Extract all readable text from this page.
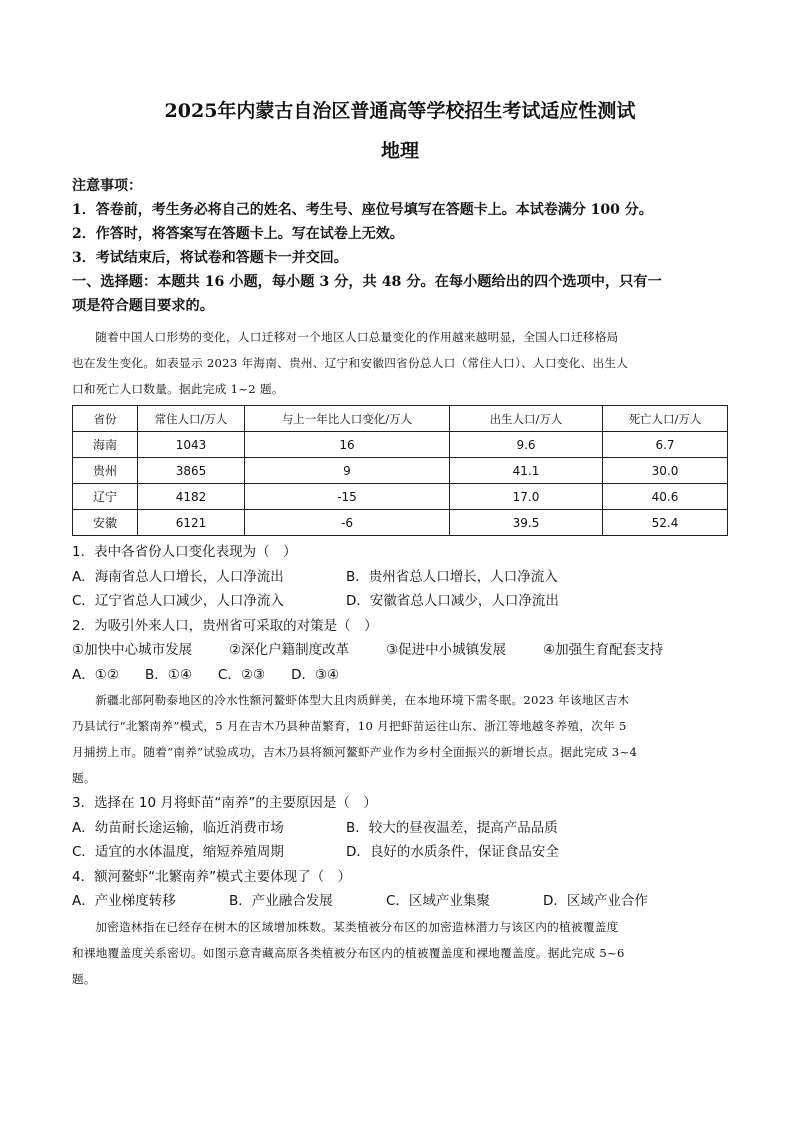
2025年内蒙古自治区普通高等学校招生考试适应性测试

地理

注意事项：

1．答卷前，考生务必将自己的姓名、考生号、座位号填写在答题卡上。本试卷满分 100 分。

2．作答时，将答案写在答题卡上。写在试卷上无效。

3．考试结束后，将试卷和答题卡一并交回。

一、选择题：本题共 16 小题，每小题 3 分，共 48 分。在每小题给出的四个选项中，只有一

项是符合题目要求的。

随着中国人口形势的变化，人口迁移对一个地区人口总量变化的作用越来越明显，全国人口迁移格局

也在发生变化。如表显示 2023 年海南、贵州、辽宁和安徽四省份总人口（常住人口）、人口变化、出生人

口和死亡人口数量。据此完成 1~2 题。

省份	常住人口/万人	与上一年比人口变化/万人	出生人口/万人	死亡人口/万人
海南	1043	16	9.6	6.7
贵州	3865	9	41.1	30.0
辽宁	4182	-15	17.0	40.6
安徽	6121	-6	39.5	52.4

1．表中各省份人口变化表现为（　）

A．海南省总人口增长，人口净流出	B．贵州省总人口增长，人口净流入
C．辽宁省总人口减少，人口净流入	D．安徽省总人口减少，人口净流出

2．为吸引外来人口，贵州省可采取的对策是（　）

①加快中心城市发展	②深化户籍制度改革	③促进中小城镇发展	④加强生育配套支持
A．①② B．①④ C．②③ D．③④

新疆北部阿勒泰地区的冷水性额河鳌虾体型大且肉质鲜美，在本地环境下需冬眠。2023 年该地区吉木

乃县试行“北繁南养”模式，5 月在吉木乃县种苗繁育，10 月把虾苗运往山东、浙江等地越冬养殖，次年 5

月捕捞上市。随着“南养”试验成功，吉木乃县将额河鳌虾产业作为乡村全面振兴的新增长点。据此完成 3~4

题。

3．选择在 10 月将虾苗“南养”的主要原因是（　）

A．幼苗耐长途运输，临近消费市场	B．较大的昼夜温差，提高产品品质
C．适宜的水体温度，缩短养殖周期	D．良好的水质条件，保证食品安全

4．额河鳌虾“北繁南养”模式主要体现了（　）

A．产业梯度转移	B．产业融合发展	C．区域产业集聚	D．区域产业合作

加密造林指在已经存在树木的区域增加株数。某类植被分布区的加密造林潜力与该区内的植被覆盖度

和裸地覆盖度关系密切。如图示意青藏高原各类植被分布区内的植被覆盖度和裸地覆盖度。据此完成 5~6

题。
